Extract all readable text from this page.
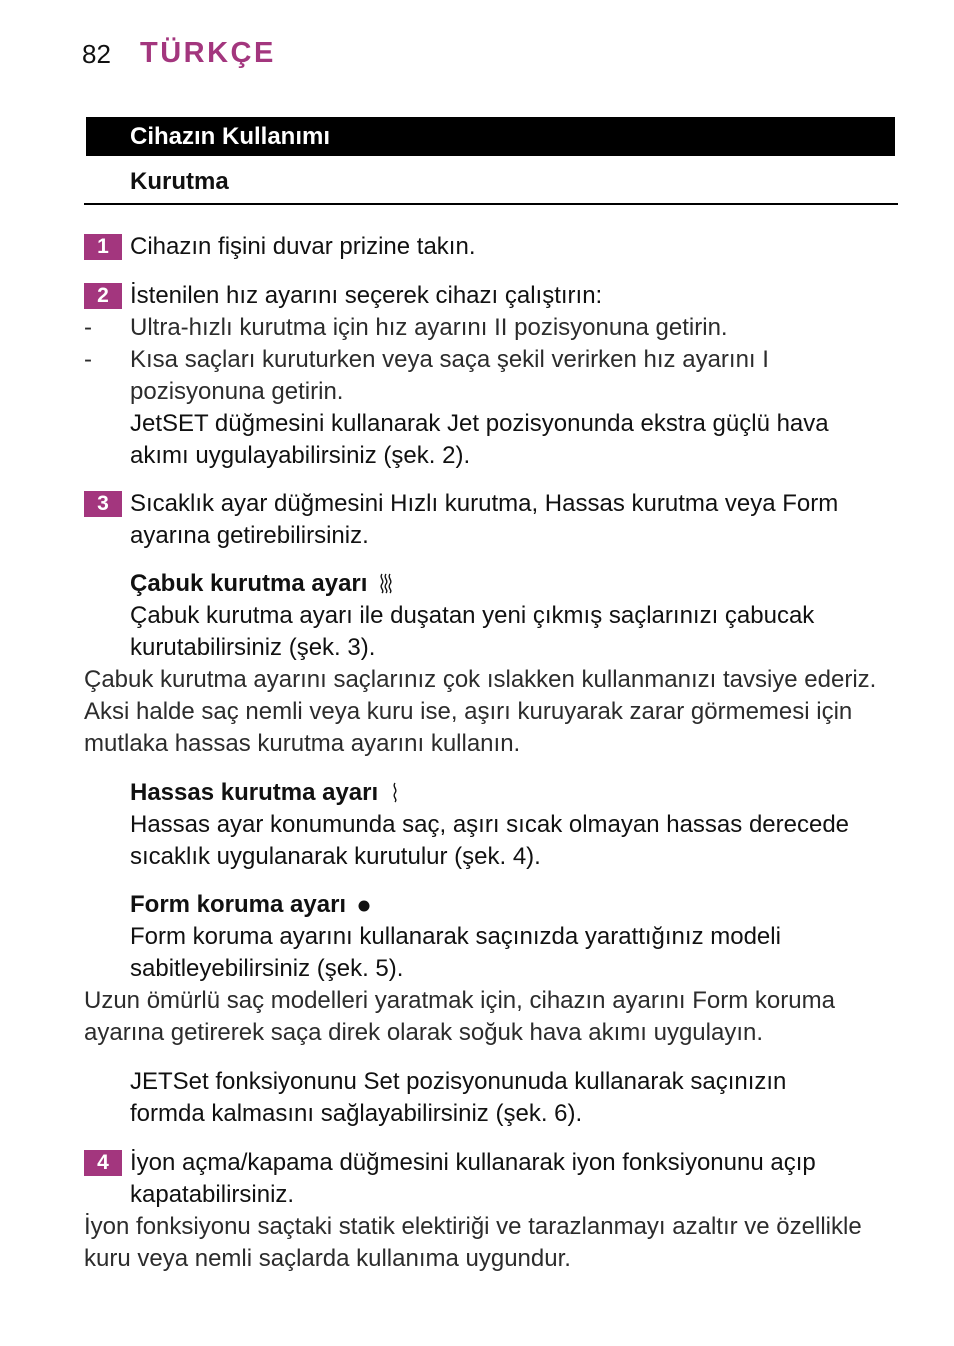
82 TÜRKÇE
Cihazın Kullanımı
Kurutma
1 Cihazın fişini duvar prizine takın.
2 İstenilen hız ayarını seçerek cihazı çalıştırın:
- Ultra-hızlı kurutma için hız ayarını II pozisyonuna getirin.
- Kısa saçları kuruturken veya saça şekil verirken hız ayarını I
pozisyonuna getirin.
JetSET düğmesini kullanarak Jet pozisyonunda ekstra güçlü hava
akımı uygulayabilirsiniz (şek. 2).
3 Sıcaklık ayar düğmesini Hızlı kurutma, Hassas kurutma veya Form
ayarına getirebilirsiniz.
Çabuk kurutma ayarı
Çabuk kurutma ayarı ile duşatan yeni çıkmış saçlarınızı çabucak
kurutabilirsiniz (şek. 3).
Çabuk kurutma ayarını saçlarınız çok ıslakken kullanmanızı tavsiye ederiz.
Aksi halde saç nemli veya kuru ise, aşırı kuruyarak zarar görmemesi için
mutlaka hassas kurutma ayarını kullanın.
Hassas kurutma ayarı
Hassas ayar konumunda saç, aşırı sıcak olmayan hassas derecede
sıcaklık uygulanarak kurutulur (şek. 4).
Form koruma ayarı
Form koruma ayarını kullanarak saçınızda yarattığınız modeli
sabitleyebilirsiniz (şek. 5).
Uzun ömürlü saç modelleri yaratmak için, cihazın ayarını Form koruma
ayarına getirerek saça direk olarak soğuk hava akımı uygulayın.
JETSet fonksiyonunu Set pozisyonunuda kullanarak saçınızın
formda kalmasını sağlayabilirsiniz (şek. 6).
4 İyon açma/kapama düğmesini kullanarak iyon fonksiyonunu açıp
kapatabilirsiniz.
İyon fonksiyonu saçtaki statik elektiriği ve tarazlanmayı azaltır ve özellikle
kuru veya nemli saçlarda kullanıma uygundur.
